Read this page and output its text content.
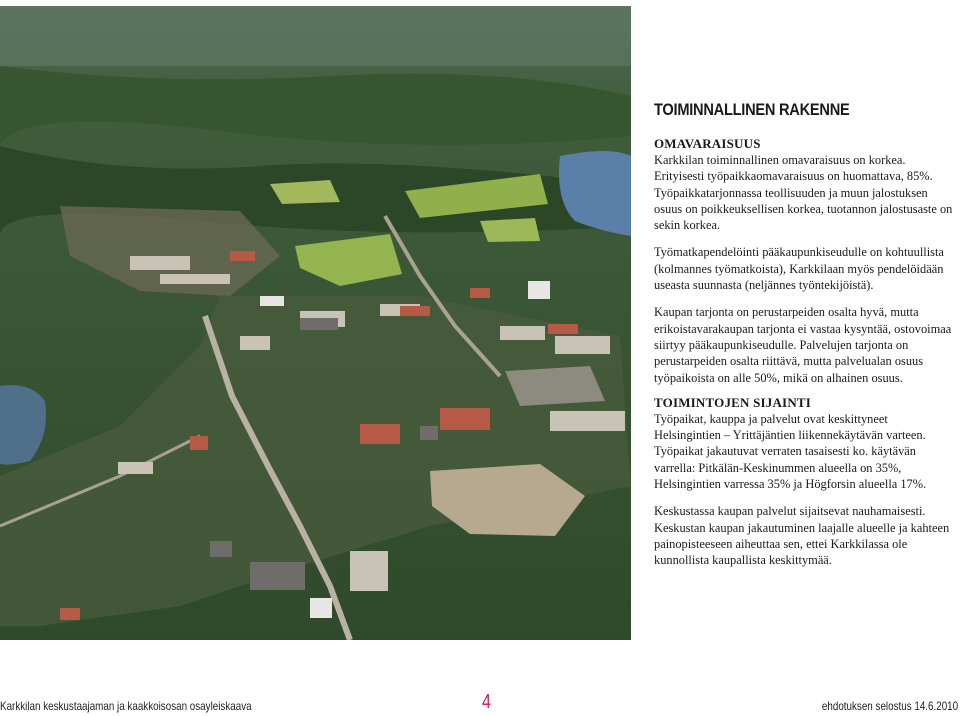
TOIMINNALLINEN RAKENNE
OMAVARAISUUS

Karkkilan toiminnallinen omavaraisuus on korkea. Erityisesti työpaikkaomavaraisuus on huomattava, 85%. Työpaikkatarjonnassa teollisuuden ja muun jalostuksen osuus on poikkeuksellisen korkea, tuotannon jalostusaste on sekin korkea.

Työmatkapendelöinti pääkaupunkiseudulle on kohtuullista (kolmannes työmatkoista), Karkkilaan myös pendelöidään useasta suunnasta (neljännes työntekijöistä).

Kaupan tarjonta on perustarpeiden osalta hyvä, mutta erikoistavarakaupan tarjonta ei vastaa kysyntää, ostovoimaa siirtyy pääkaupunkiseudulle. Palvelujen tarjonta on perustarpeiden osalta riittävä, mutta palvelualan osuus työpaikoista on alle 50%, mikä on alhainen osuus.

TOIMINTOJEN SIJAINTI

Työpaikat, kauppa ja palvelut ovat keskittyneet Helsingintien – Yrittäjäntien liikennekäytävän varteen. Työpaikat jakautuvat verraten tasaisesti ko. käytävän varrella: Pitkälän-Keskinummen alueella on 35%, Helsingintien varressa 35% ja Högforsin alueella 17%.

Keskustassa kaupan palvelut sijaitsevat nauhamaisesti. Keskustan kaupan jakautuminen laajalle alueelle ja kahteen painopisteeseen aiheuttaa sen, ettei Karkkilassa ole kunnollista kaupallista keskittymää.

Karkkilan keskustaajaman ja kaakkoisosan osayleiskaava	4	ehdotuksen selostus 14.6.2010
